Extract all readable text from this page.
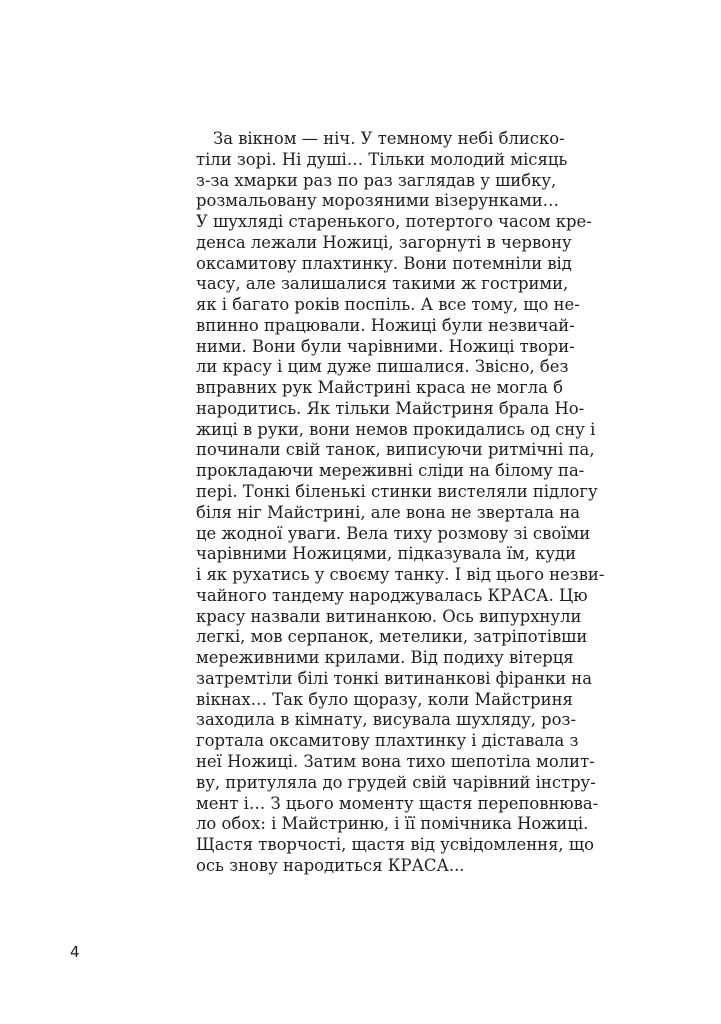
За вікном — ніч. У темному небі блиско-
тіли зорі. Ні душі… Тільки молодий місяць
з-за хмарки раз по раз заглядав у шибку,
розмальовану морозяними візерунками…
У шухляді старенького, потертого часом кре-
денса лежали Ножиці, загорнуті в червону
оксамитову плахтинку. Вони потемніли від
часу, але залишалися такими ж гострими,
як і багато років поспіль. А все тому, що не-
впинно працювали. Ножиці були незвичай-
ними. Вони були чарівними. Ножиці твори-
ли красу і цим дуже пишалися. Звісно, без
вправних рук Майстрині краса не могла б
народитись. Як тільки Майстриня брала Но-
жиці в руки, вони немов прокидались од сну і
починали свій танок, виписуючи ритмічні па,
прокладаючи мереживні сліди на білому па-
пері. Тонкі біленькі стинки вистеляли підлогу
біля ніг Майстрині, але вона не звертала на
це жодної уваги. Вела тиху розмову зі своїми
чарівними Ножицями, підказувала їм, куди
і як рухатись у своєму танку. І від цього незви-
чайного тандему народжувалась КРАСА. Цю
красу назвали витинанкою. Ось випурхнули
легкі, мов серпанок, метелики, затріпотівши
мереживними крилами. Від подиху вітерця
затремтіли білі тонкі витинанкові фіранки на
вікнах… Так було щоразу, коли Майстриня
заходила в кімнату, висувала шухляду, роз-
гортала оксамитову плахтинку і діставала з
неї Ножиці. Затим вона тихо шепотіла молит-
ву, притуляла до грудей свій чарівний інстру-
мент і… З цього моменту щастя переповнюва-
ло обох: і Майстриню, і її помічника Ножиці.
Щастя творчості, щастя від усвідомлення, що
ось знову народиться КРАСА...
4
